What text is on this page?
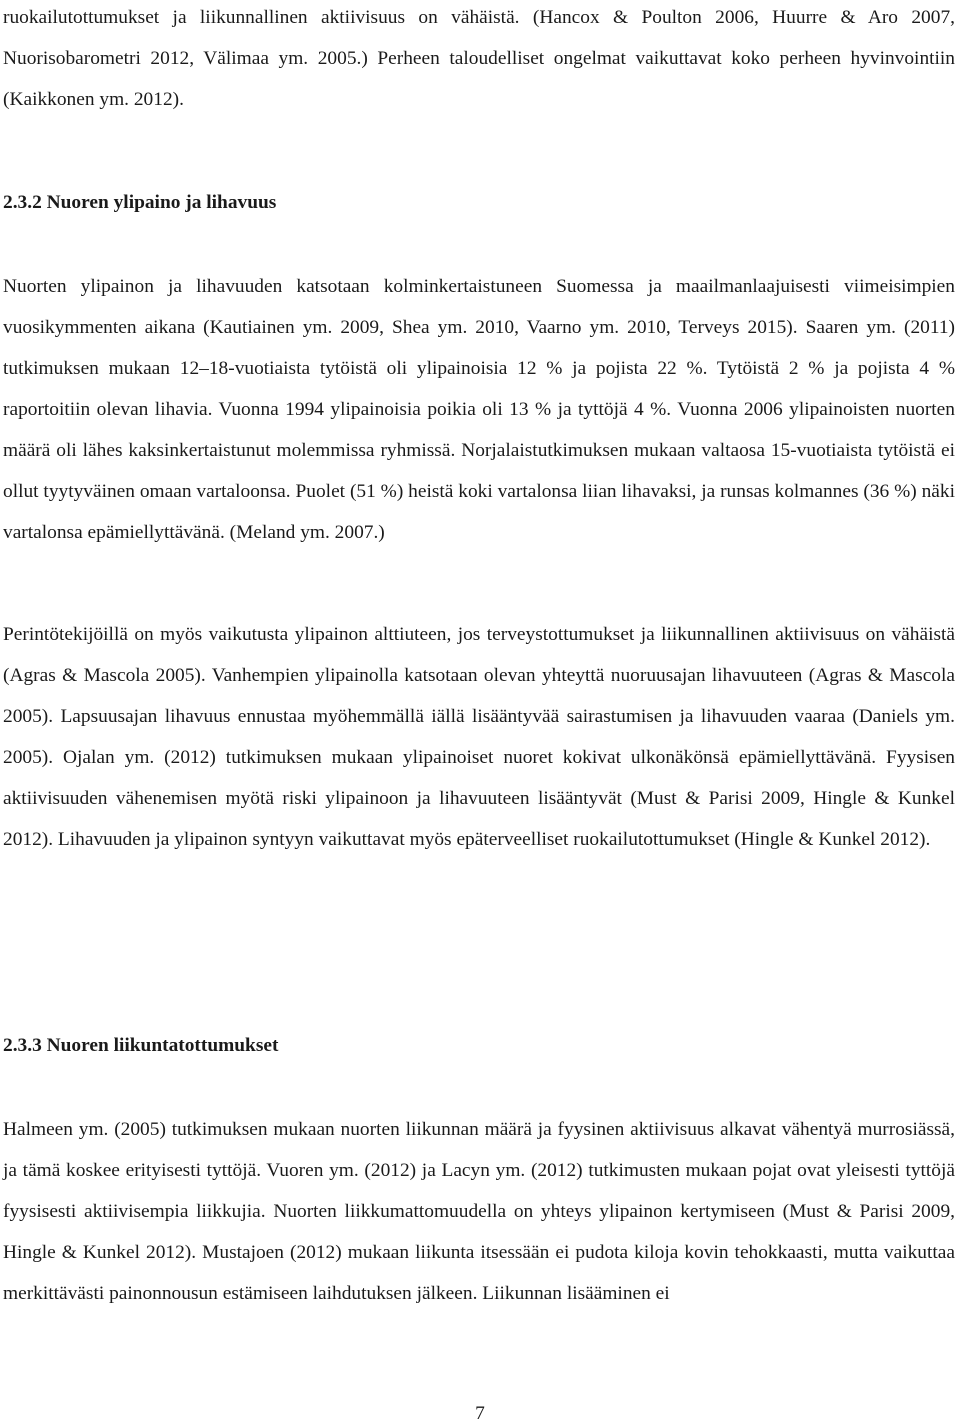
ruokailutottumukset ja liikunnallinen aktiivisuus on vähäistä. (Hancox & Poulton 2006, Huurre & Aro 2007, Nuorisobarometri 2012, Välimaa ym. 2005.) Perheen taloudelliset ongelmat vaikuttavat koko perheen hyvinvointiin (Kaikkonen ym. 2012).

2.3.2 Nuoren ylipaino ja lihavuus

Nuorten ylipainon ja lihavuuden katsotaan kolminkertaistuneen Suomessa ja maailmanlaajuisesti viimeisimpien vuosikymmenten aikana (Kautiainen ym. 2009, Shea ym. 2010, Vaarno ym. 2010, Terveys 2015). Saaren ym. (2011) tutkimuksen mukaan 12–18-vuotiaista tytöistä oli ylipainoisia 12 % ja pojista 22 %. Tytöistä 2 % ja pojista 4 % raportoitiin olevan lihavia. Vuonna 1994 ylipainoisia poikia oli 13 % ja tyttöjä 4 %. Vuonna 2006 ylipainoisten nuorten määrä oli lähes kaksinkertaistunut molemmissa ryhmissä. Norjalaistutkimuksen mukaan valtaosa 15-vuotiaista tytöistä ei ollut tyytyväinen omaan vartaloonsa. Puolet (51 %) heistä koki vartalonsa liian lihavaksi, ja runsas kolmannes (36 %) näki vartalonsa epämiellyttävänä. (Meland ym. 2007.)

Perintötekijöillä on myös vaikutusta ylipainon alttiuteen, jos terveystottumukset ja liikunnallinen aktiivisuus on vähäistä (Agras & Mascola 2005). Vanhempien ylipainolla katsotaan olevan yhteyttä nuoruusajan lihavuuteen (Agras & Mascola 2005). Lapsuusajan lihavuus ennustaa myöhemmällä iällä lisääntyvää sairastumisen ja lihavuuden vaaraa (Daniels ym. 2005). Ojalan ym. (2012) tutkimuksen mukaan ylipainoiset nuoret kokivat ulkonäkönsä epämiellyttävänä. Fyysisen aktiivisuuden vähenemisen myötä riski ylipainoon ja lihavuuteen lisääntyvät (Must & Parisi 2009, Hingle & Kunkel 2012). Lihavuuden ja ylipainon syntyyn vaikuttavat myös epäterveelliset ruokailutottumukset (Hingle & Kunkel 2012).

2.3.3 Nuoren liikuntatottumukset

Halmeen ym. (2005) tutkimuksen mukaan nuorten liikunnan määrä ja fyysinen aktiivisuus alkavat vähentyä murrosiässä, ja tämä koskee erityisesti tyttöjä. Vuoren ym. (2012) ja Lacyn ym. (2012) tutkimusten mukaan pojat ovat yleisesti tyttöjä fyysisesti aktiivisempia liikkujia. Nuorten liikkumattomuudella on yhteys ylipainon kertymiseen (Must & Parisi 2009, Hingle & Kunkel 2012). Mustajoen (2012) mukaan liikunta itsessään ei pudota kiloja kovin tehokkaasti, mutta vaikuttaa merkittävästi painonnousun estämiseen laihdutuksen jälkeen. Liikunnan lisääminen ei

7
